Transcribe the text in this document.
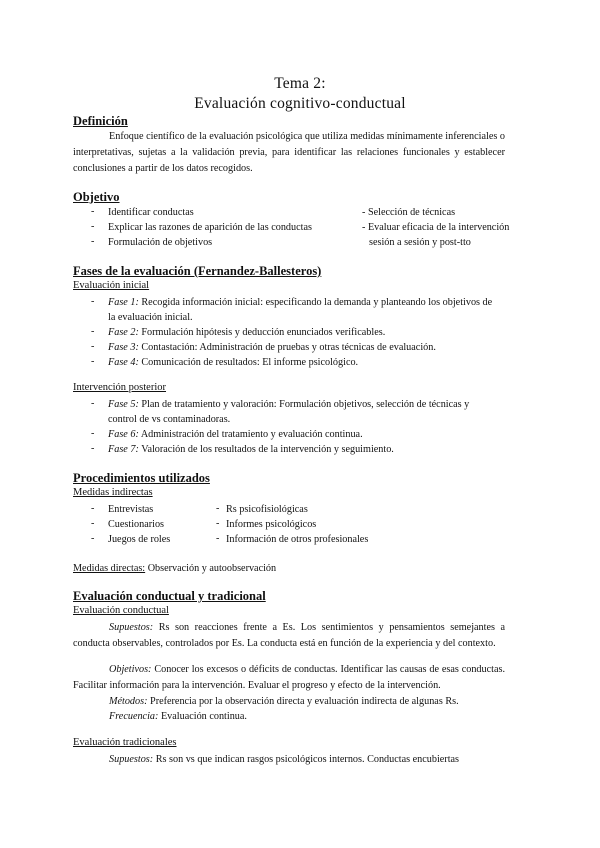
Tema 2:
Evaluación cognitivo-conductual
Definición
Enfoque científico de la evaluación psicológica que utiliza medidas mínimamente inferenciales o interpretativas, sujetas a la validación previa, para identificar las relaciones funcionales y establecer conclusiones a partir de los datos recogidos.
Objetivo
- Identificar conductas
- Explicar las razones de aparición de las conductas
- Formulación de objetivos
- Selección de técnicas
- Evaluar eficacia de la intervención
sesión a sesión y post-tto
Fases de la evaluación (Fernandez-Ballesteros)
Evaluación inicial
- Fase 1: Recogida información inicial: especificando la demanda y planteando los objetivos de
la evaluación inicial.
- Fase 2: Formulación hipótesis y deducción enunciados verificables.
- Fase 3: Contastación: Administración de pruebas y otras técnicas de evaluación.
- Fase 4: Comunicación de resultados: El informe psicológico.
Intervención posterior
- Fase 5: Plan de tratamiento y valoración: Formulación objetivos, selección de técnicas y
control de vs contaminadoras.
- Fase 6: Administración del tratamiento y evaluación continua.
- Fase 7: Valoración de los resultados de la intervención y seguimiento.
Procedimientos utilizados
Medidas indirectas
- Entrevistas
- Cuestionarios
- Juegos de roles
- Rs psicofisiológicas
- Informes psicológicos
- Información de otros profesionales
Medidas directas: Observación y autoobservación
Evaluación conductual y tradicional
Evaluación conductual
Supuestos: Rs son reacciones frente a Es. Los sentimientos y pensamientos semejantes a conducta observables, controlados por Es. La conducta está en función de la experiencia y del contexto.
Objetivos: Conocer los excesos o déficits de conductas. Identificar las causas de esas conductas. Facilitar información para la intervención. Evaluar el progreso y efecto de la intervención.
Métodos: Preferencia por la observación directa y evaluación indirecta de algunas Rs.
Frecuencia: Evaluación continua.
Evaluación tradicionales
Supuestos: Rs son vs que indican rasgos psicológicos internos. Conductas encubiertas
